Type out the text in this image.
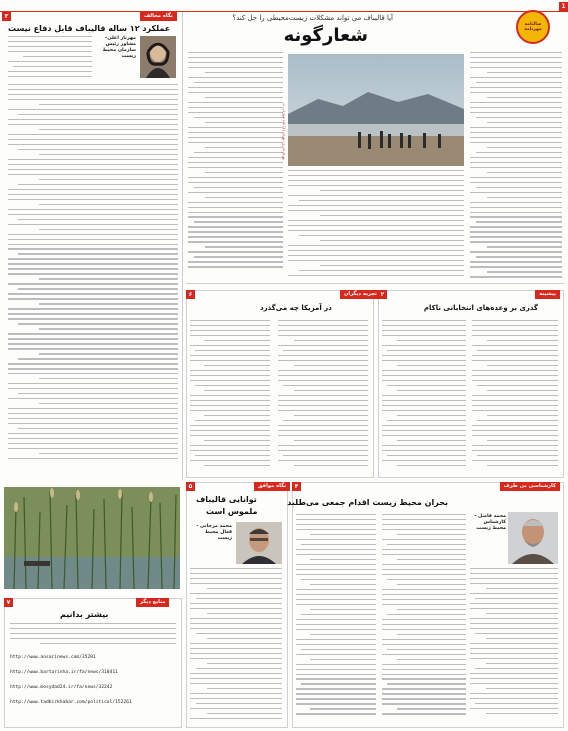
1
۳	نگاه مخالف
سالنامه
مهرنامه
آیا قالیباف می تواند مشکلات زیست‌محیطی را حل کند؟
شعارگونه
عملکرد ۱۲ ساله قالیباف قابل دفاع نیست
مهرناز اعلی- مشاور رئیس سازمان محیط زیست
بهرام نادری: تهران (1) ماه هوار/ب ت
تجربه دیگران
۶
در آمریکا چه می‌گذرد
پیشینه
۲
گذری بر وعده‌های انتخاباتی ناکام
منابع دیگر
۷
بیشتر بدانیم
http://www.ansarinews.com/35201
http://www.bartarinha.ir/fa/news/318411
http://www.mosydad24.ir/fa/news/32242
http://www.tadbirkhabar.com/political/152261
نگاه موافق
۵
توانایی قالیباف
ملموس است
محمد مرجانی - فعال محیط زیست
کارشناسی بی طرف
۴
بحران محیط زیست اقدام جمعی می‌طلبد
محمد فاضل - کارشناس محیط زیست
